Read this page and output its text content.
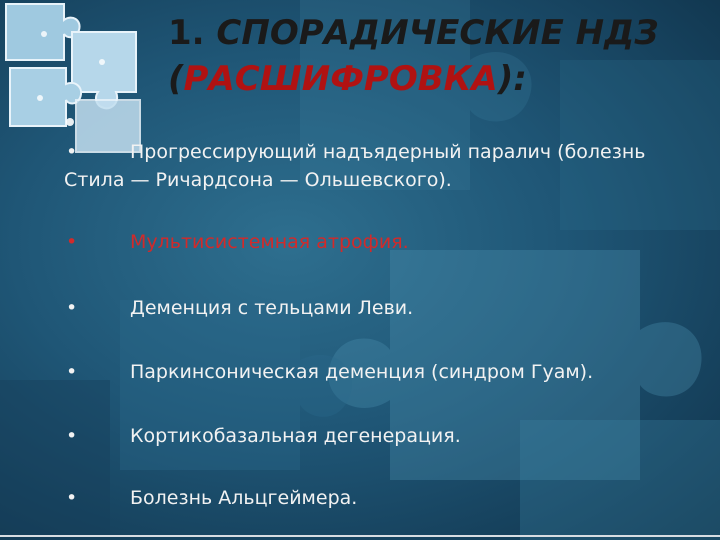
1. СПОРАДИЧЕСКИЕ НДЗ
(РАСШИФРОВКА):
•	Прогрессирующий надъядерный паралич (болезнь
Стила — Ричардсона — Ольшевского).
•	Мультисистемная атрофия.
•	Деменция с тельцами Леви.
•	Паркинсоническая деменция (синдром Гуам).
•	Кортикобазальная дегенерация.
•	Болезнь Альцгеймера.
